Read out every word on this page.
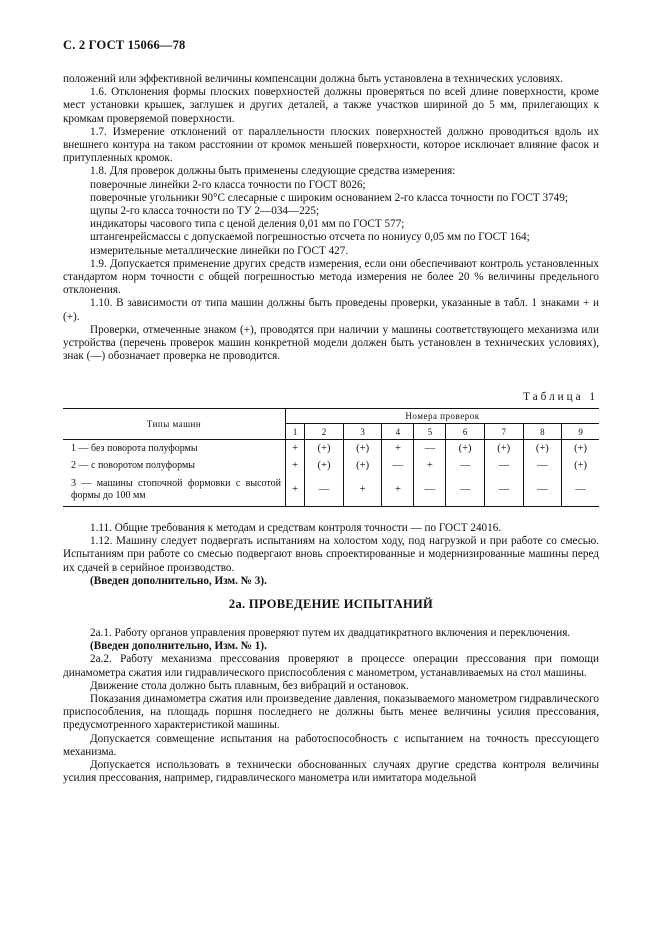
С. 2 ГОСТ 15066—78

положений или эффективной величины компенсации должна быть установлена в технических условиях.

1.6. Отклонения формы плоских поверхностей должны проверяться по всей длине поверхности, кроме мест установки крышек, заглушек и других деталей, а также участков шириной до 5 мм, прилегающих к кромкам проверяемой поверхности.

1.7. Измерение отклонений от параллельности плоских поверхностей должно проводиться вдоль их внешнего контура на таком расстоянии от кромок меньшей поверхности, которое исключает влияние фасок и притупленных кромок.

1.8. Для проверок должны быть применены следующие средства измерения:

поверочные линейки 2-го класса точности по ГОСТ 8026;

поверочные угольники 90°С слесарные с широким основанием 2-го класса точности по ГОСТ 3749;

щупы 2-го класса точности по ТУ 2—034—225;

индикаторы часового типа с ценой деления 0,01 мм по ГОСТ 577;

штангенрейсмассы с допускаемой погрешностью отсчета по нониусу 0,05 мм по ГОСТ 164;

измерительные металлические линейки по ГОСТ 427.

1.9. Допускается применение других средств измерения, если они обеспечивают контроль установленных стандартом норм точности с общей погрешностью метода измерения не более 20 % величины предельного отклонения.

1.10. В зависимости от типа машин должны быть проведены проверки, указанные в табл. 1 знаками + и (+).

Проверки, отмеченные знаком (+), проводятся при наличии у машины соответствующего механизма или устройства (перечень проверок машин конкретной модели должен быть установлен в технических условиях), знак (—) обозначает проверка не проводится.

Таблица 1
Типы машин	Номера проверок								
	1	2	3	4	5	6	7	8	9
1 — без поворота полуформы	+	(+)	(+)	+	—	(+)	(+)	(+)	(+)
2 — с поворотом полуформы	+	(+)	(+)	—	+	—	—	—	(+)
3 — машины стопочной формовки с высотой формы до 100 мм	+	—	+	+	—	—	—	—	—

1.11. Общие требования к методам и средствам контроля точности — по ГОСТ 24016.

1.12. Машину следует подвергать испытаниям на холостом ходу, под нагрузкой и при работе со смесью. Испытаниям при работе со смесью подвергают вновь спроектированные и модернизированные машины перед их сдачей в серийное производство.

(Введен дополнительно, Изм. № 3).

2а. ПРОВЕДЕНИЕ ИСПЫТАНИЙ

2а.1. Работу органов управления проверяют путем их двадцатикратного включения и переключения.

(Введен дополнительно, Изм. № 1).

2а.2. Работу механизма прессования проверяют в процессе операции прессования при помощи динамометра сжатия или гидравлического приспособления с манометром, устанавливаемых на стол машины.

Движение стола должно быть плавным, без вибраций и остановок.

Показания динамометра сжатия или произведение давления, показываемого манометром гидравлического приспособления, на площадь поршня последнего не должны быть менее величины усилия прессования, предусмотренного характеристикой машины.

Допускается совмещение испытания на работоспособность с испытанием на точность прессующего механизма.

Допускается использовать в технически обоснованных случаях другие средства контроля величины усилия прессования, например, гидравлического манометра или имитатора модельной
